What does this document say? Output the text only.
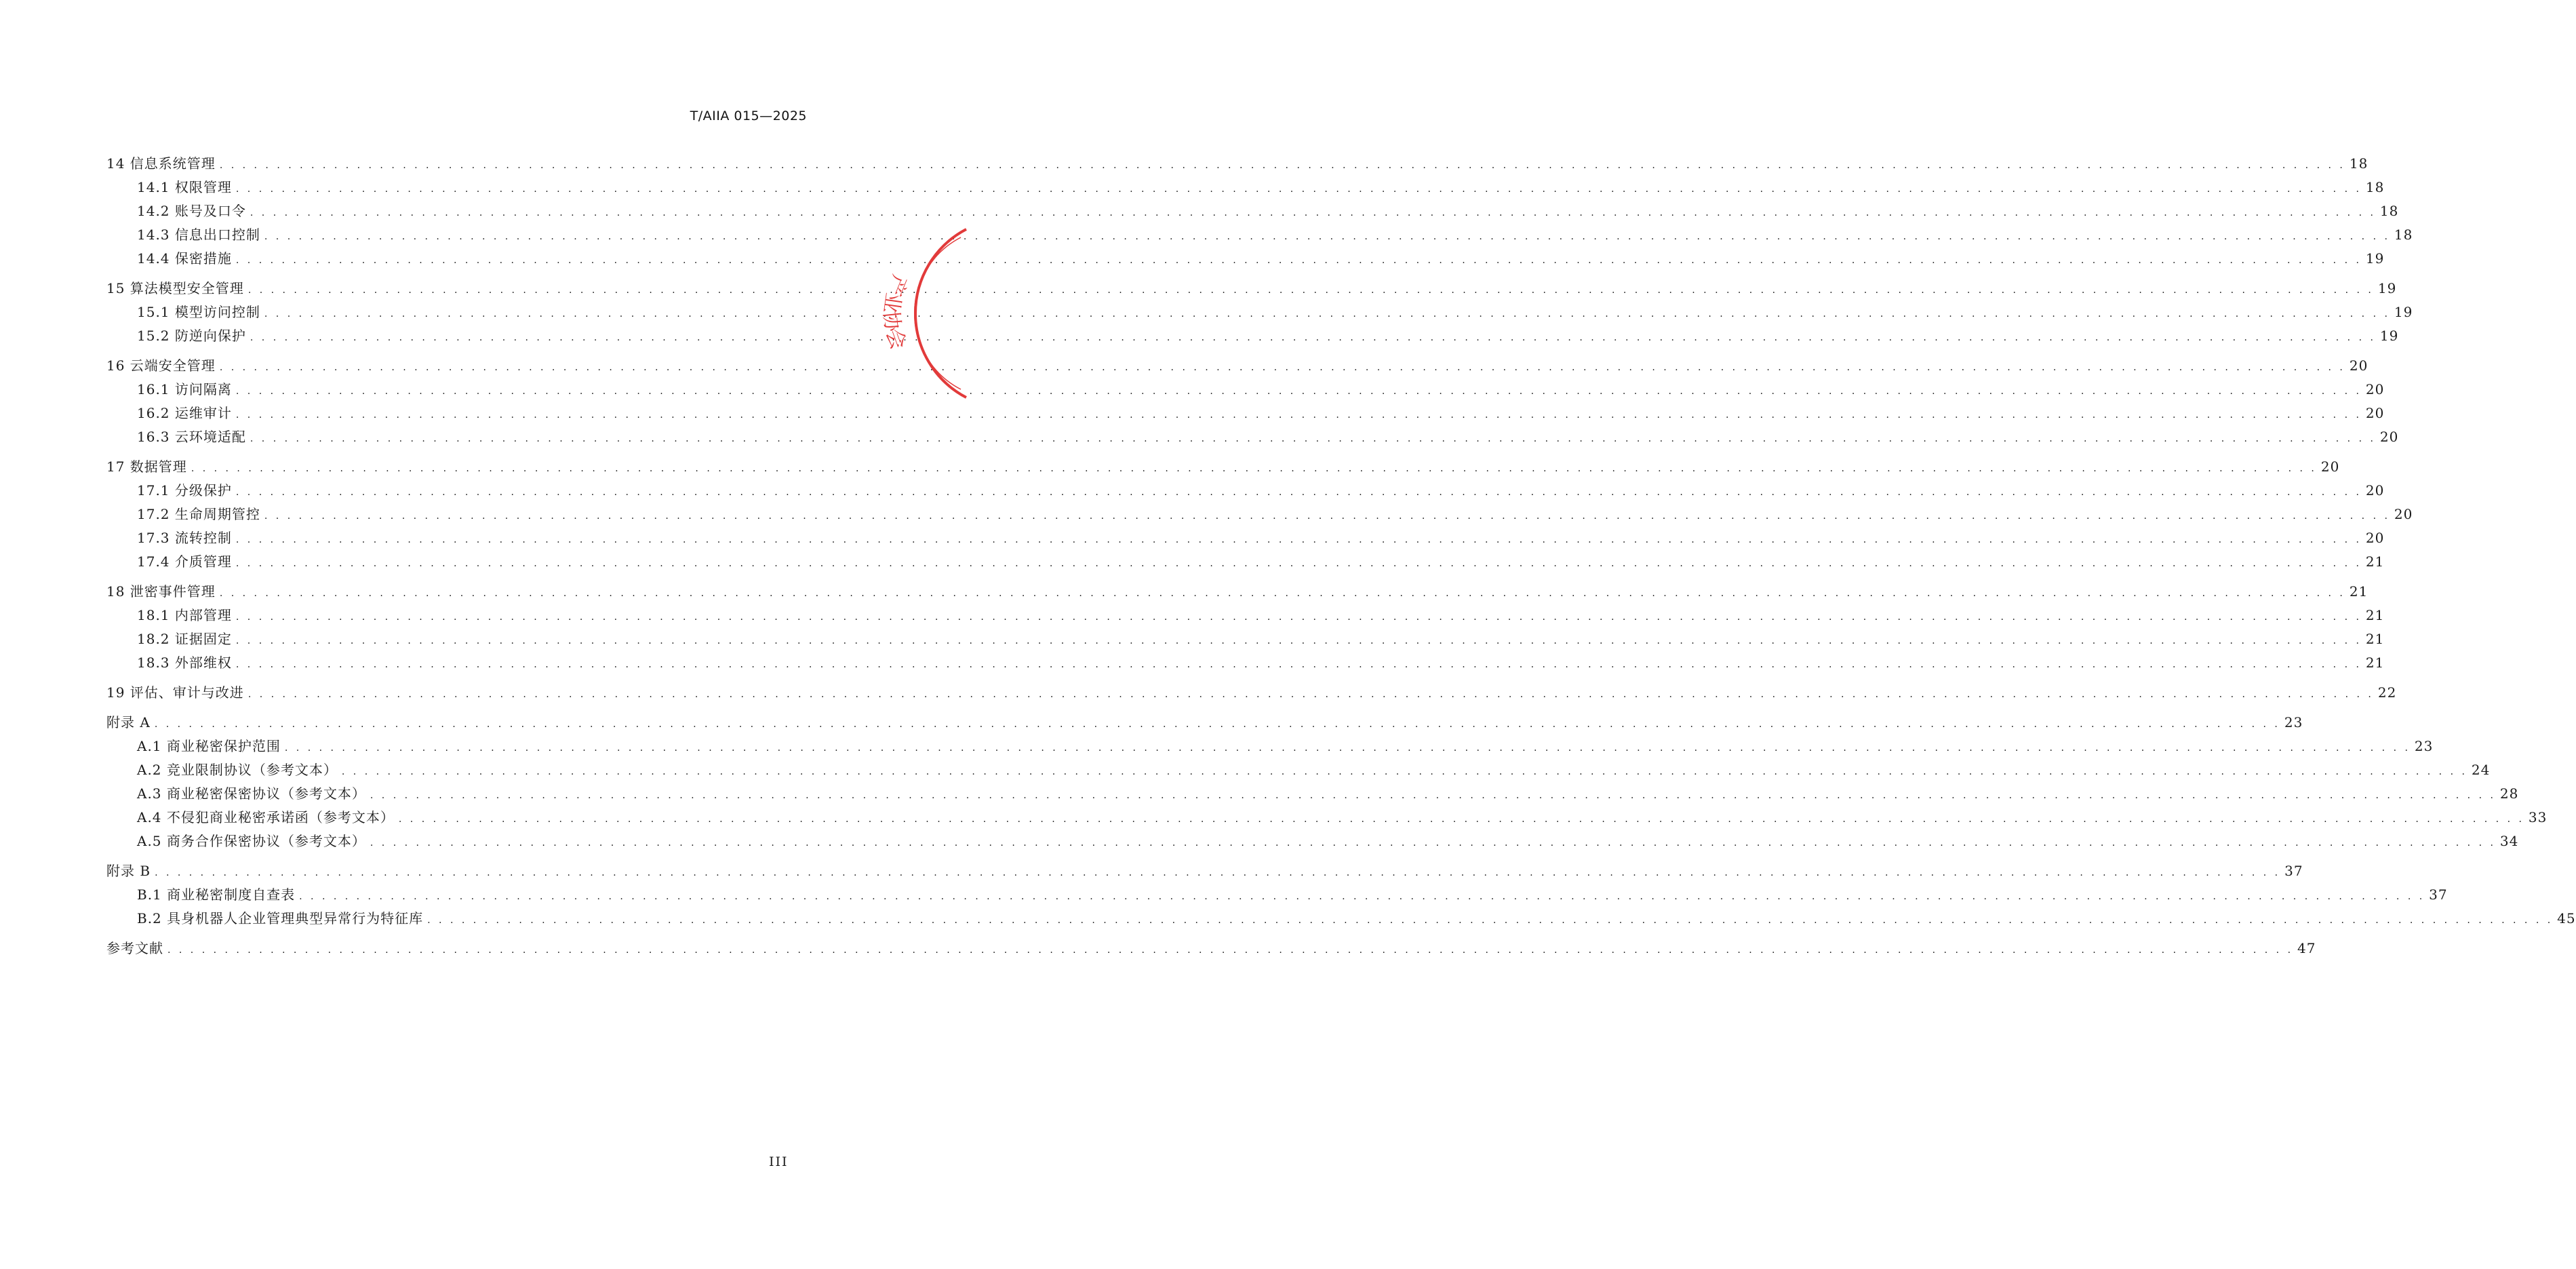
T/AIIA 015—2025
14 信息系统管理 . . .	18
14.1 权限管理 . . .	18
14.2 账号及口令 . . .	18
14.3 信息出口控制 . . .	18
14.4 保密措施 . . .	19
15 算法模型安全管理 . . .	19
15.1 模型访问控制 . . .	19
15.2 防逆向保护 . . .	19
16 云端安全管理 . . .	20
16.1 访问隔离 . . .	20
16.2 运维审计 . . .	20
16.3 云环境适配 . . .	20
17 数据管理 . . .	20
17.1 分级保护 . . .	20
17.2 生命周期管控 . . .	20
17.3 流转控制 . . .	20
17.4 介质管理 . . .	21
18 泄密事件管理 . . .	21
18.1 内部管理 . . .	21
18.2 证据固定 . . .	21
18.3 外部维权 . . .	21
19 评估、审计与改进 . . .	22
附录 A . . .	23
A.1 商业秘密保护范围 . . .	23
A.2 竞业限制协议（参考文本） . . .	24
A.3 商业秘密保密协议（参考文本） . . .	28
A.4 不侵犯商业秘密承诺函（参考文本） . . .	33
A.5 商务合作保密协议（参考文本） . . .	34
附录 B . . .	37
B.1 商业秘密制度自查表 . . .	37
B.2 具身机器人企业管理典型异常行为特征库 . . .	45
参考文献 . . .	47
III
会
协
业
产
